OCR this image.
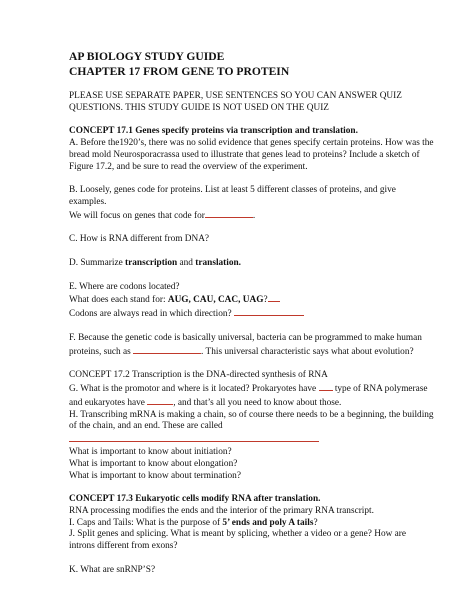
AP BIOLOGY STUDY GUIDE

CHAPTER 17 FROM GENE TO PROTEIN

PLEASE USE SEPARATE PAPER, USE SENTENCES SO YOU CAN ANSWER QUIZ QUESTIONS. THIS STUDY GUIDE IS NOT USED ON THE QUIZ

CONCEPT 17.1 Genes specify proteins via transcription and translation.

A. Before the1920’s, there was no solid evidence that genes specify certain proteins. How was the bread mold Neurosporacrassa used to illustrate that genes lead to proteins? Include a sketch of Figure 17.2, and be sure to read the overview of the experiment.

B. Loosely, genes code for proteins. List at least 5 different classes of proteins, and give examples.

We will focus on genes that code for	.

C. How is RNA different from DNA?

D. Summarize transcription and translation.

E. Where are codons located?

What does each stand for: AUG, CAU, CAC, UAG?

Codons are always read in which direction?

F. Because the genetic code is basically universal, bacteria can be programmed to make human proteins, such as	. This universal characteristic says what about evolution?

CONCEPT 17.2 Transcription is the DNA-directed synthesis of RNA

G. What is the promotor and where is it located? Prokaryotes have type of RNA polymerase and eukaryotes have	, and that’s all you need to know about those.

H. Transcribing mRNA is making a chain, so of course there needs to be a beginning, the building of the chain, and an end. These are called

What is important to know about initiation?

What is important to know about elongation?

What is important to know about termination?

CONCEPT 17.3 Eukaryotic cells modify RNA after translation.

RNA processing modifies the ends and the interior of the primary RNA transcript.

I. Caps and Tails: What is the purpose of 5’ ends and poly A tails?

J. Split genes and splicing. What is meant by splicing, whether a video or a gene? How are introns different from exons?

K. What are snRNP’S?
